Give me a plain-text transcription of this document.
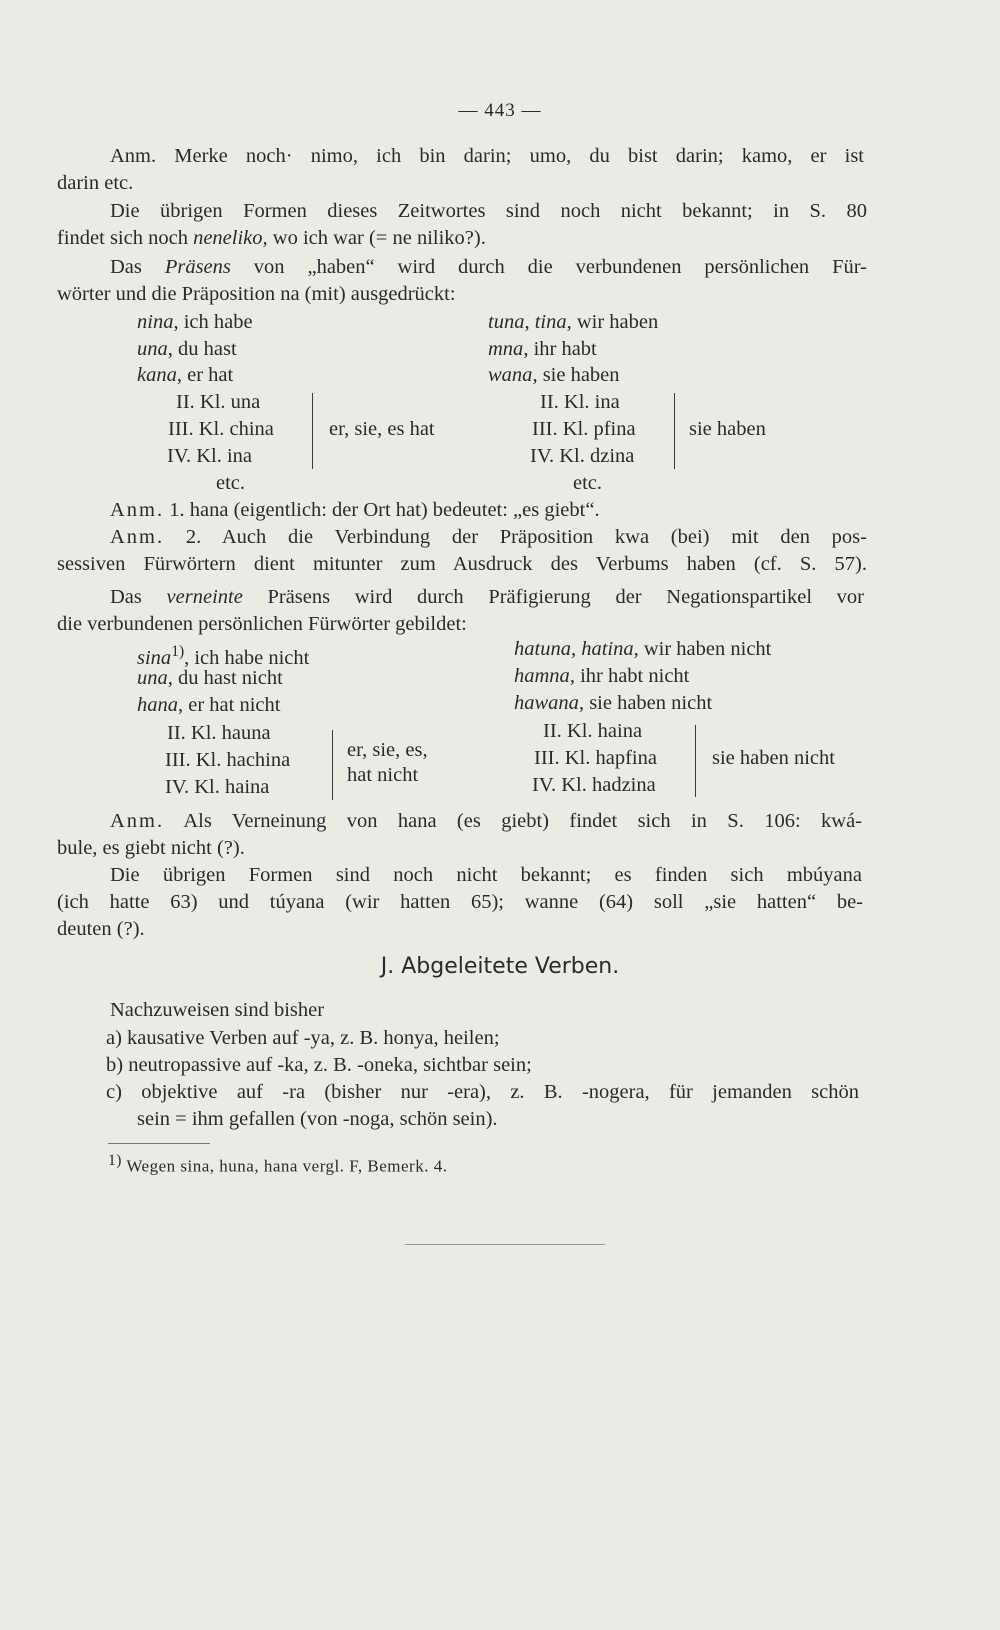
— 443 —
Anm. Merke noch· nimo, ich bin darin; umo, du bist darin; kamo, er ist
darin etc.
Die übrigen Formen dieses Zeitwortes sind noch nicht bekannt; in S. 80
findet sich noch neneliko, wo ich war (= ne niliko?).
Das Präsens von „haben“ wird durch die verbundenen persönlichen Für-
wörter und die Präposition na (mit) ausgedrückt:
nina, ich habe
una, du hast
kana, er hat
tuna, tina, wir haben
mna, ihr habt
wana, sie haben
II. Kl. una
III. Kl. china
IV. Kl. ina
er, sie, es hat
etc.
II. Kl. ina
III. Kl. pfina
IV. Kl. dzina
sie haben
etc.
Anm. 1. hana (eigentlich: der Ort hat) bedeutet: „es giebt“.
Anm. 2. Auch die Verbindung der Präposition kwa (bei) mit den pos-
sessiven Fürwörtern dient mitunter zum Ausdruck des Verbums haben (cf. S. 57).
Das verneinte Präsens wird durch Präfigierung der Negationspartikel vor
die verbundenen persönlichen Fürwörter gebildet:
sina$^{1)}$, ich habe nicht
una, du hast nicht
hana, er hat nicht
hatuna, hatina, wir haben nicht
hamna, ihr habt nicht
hawana, sie haben nicht
II. Kl. hauna
III. Kl. hachina
IV. Kl. haina
er, sie, es,
hat nicht
II. Kl. haina
III. Kl. hapfina
IV. Kl. hadzina
sie haben nicht
Anm. Als Verneinung von hana (es giebt) findet sich in S. 106: kwá-
bule, es giebt nicht (?).
Die übrigen Formen sind noch nicht bekannt; es finden sich mbúyana
(ich hatte 63) und túyana (wir hatten 65); wanne (64) soll „sie hatten“ be-
deuten (?).
J. Abgeleitete Verben.
Nachzuweisen sind bisher
a) kausative Verben auf -ya, z. B. honya, heilen;
b) neutropassive auf -ka, z. B. -oneka, sichtbar sein;
c) objektive auf -ra (bisher nur -era), z. B. -nogera, für jemanden schön
sein = ihm gefallen (von -noga, schön sein).
$^{1)}$ Wegen sina, huna, hana vergl. F, Bemerk. 4.
